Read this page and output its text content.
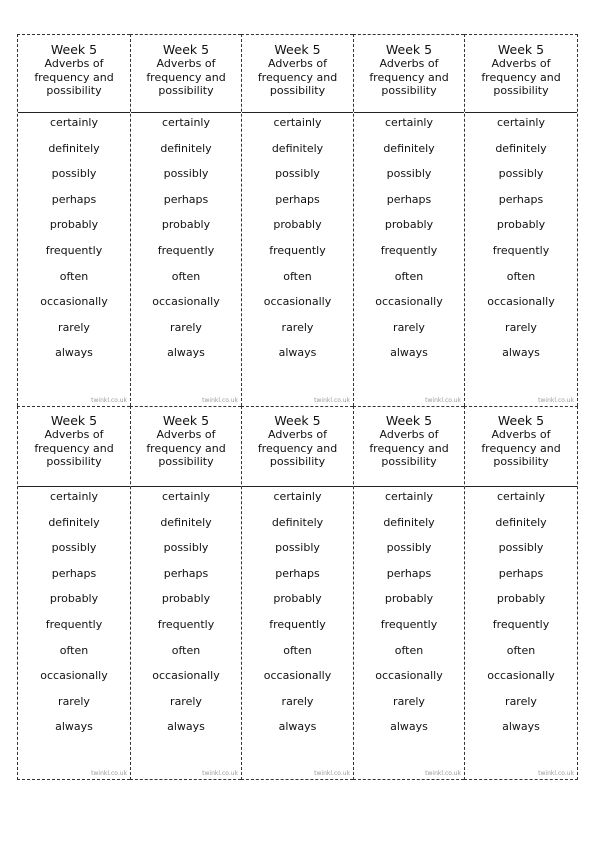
Week 5
Adverbs of frequency and possibility
certainly
definitely
possibly
perhaps
probably
frequently
often
occasionally
rarely
always
twinkl.co.uk
Week 5
Adverbs of frequency and possibility
certainly
definitely
possibly
perhaps
probably
frequently
often
occasionally
rarely
always
twinkl.co.uk
Week 5
Adverbs of frequency and possibility
certainly
definitely
possibly
perhaps
probably
frequently
often
occasionally
rarely
always
twinkl.co.uk
Week 5
Adverbs of frequency and possibility
certainly
definitely
possibly
perhaps
probably
frequently
often
occasionally
rarely
always
twinkl.co.uk
Week 5
Adverbs of frequency and possibility
certainly
definitely
possibly
perhaps
probably
frequently
often
occasionally
rarely
always
twinkl.co.uk
Week 5
Adverbs of frequency and possibility
certainly
definitely
possibly
perhaps
probably
frequently
often
occasionally
rarely
always
twinkl.co.uk
Week 5
Adverbs of frequency and possibility
certainly
definitely
possibly
perhaps
probably
frequently
often
occasionally
rarely
always
twinkl.co.uk
Week 5
Adverbs of frequency and possibility
certainly
definitely
possibly
perhaps
probably
frequently
often
occasionally
rarely
always
twinkl.co.uk
Week 5
Adverbs of frequency and possibility
certainly
definitely
possibly
perhaps
probably
frequently
often
occasionally
rarely
always
twinkl.co.uk
Week 5
Adverbs of frequency and possibility
certainly
definitely
possibly
perhaps
probably
frequently
often
occasionally
rarely
always
twinkl.co.uk
